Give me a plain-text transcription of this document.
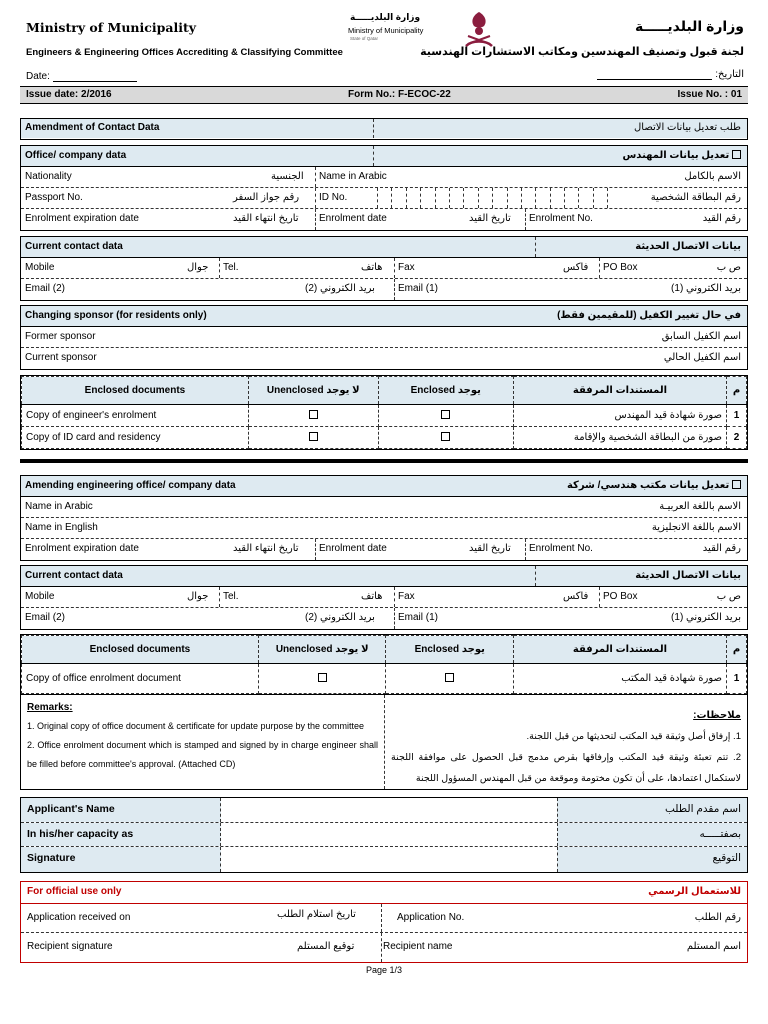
Ministry of Municipality
Engineers & Engineering Offices Accrediting & Classifying Committee
Date:
وزارة البلديـــــة
Ministry of Municipality
State of Qatar
وزارة البلديـــــة
لجنة قبول وتصنيف المهندسين ومكاتب الاستشارات الهندسية
التاريخ:
Issue date: 2/2016	Form No.: F-ECOC-22	Issue No. : 01
Amendment of Contact Data	طلب تعديل بيانات الاتصال
Office/ company data	تعديل بيانات المهندس
Nationality	الجنسية Name in Arabic	الاسم بالكامل
Passport No.	رقم جواز السفر ID No.	رقم البطاقة الشخصية
Enrolment expiration date	تاريخ انتهاء القيد Enrolment date	تاريخ القيد Enrolment No.	رقم القيد
Current contact data	بيانات الاتصال الحديثة
Mobile	جوال Tel.	هاتف Fax	فاكس PO Box	ص ب
Email (2)	بريد الكتروني (2) Email (1)	بريد الكتروني (1)
Changing sponsor (for residents only)	في حال تغيير الكفيل (للمقيمين فقط)
Former sponsor	اسم الكفيل السابق
Current sponsor	اسم الكفيل الحالي
Enclosed documents	Unenclosed لا يوجد	Enclosed يوجد	المستندات المرفقة	م
Copy of engineer's enrolment			صورة شهادة قيد المهندس	1
Copy of ID card and residency			صورة من البطاقة الشخصية والإقامة	2
Amending engineering office/ company data	تعديل بيانات مكتب هندسي/ شركة
Name in Arabic	الاسم باللغة العربيـة
Name in English	الاسم باللغة الانجليزية
Enrolment expiration date	تاريخ انتهاء القيد Enrolment date	تاريخ القيد Enrolment No.	رقم القيد
Current contact data	بيانات الاتصال الحديثة
Mobile	جوال Tel.	هاتف Fax	فاكس PO Box	ص ب
Email (2)	بريد الكتروني (2) Email (1)	بريد الكتروني (1)
Enclosed documents	Unenclosed لا يوجد	Enclosed يوجد	المستندات المرفقة	م
Copy of office enrolment document			صورة شهادة قيد المكتب	1
Remarks:
1. Original copy of office document & certificate for update purpose by the committee
2. Office enrolment document which is stamped and signed by in charge engineer shall be filled before committee's approval. (Attached CD)
ملاحظات:
1. إرفاق أصل وثيقة قيد المكتب لتحديثها من قبل اللجنة.
2. تتم تعبئة وثيقة قيد المكتب وإرفاقها بقرص مدمج قبل الحصول على موافقة اللجنة لاستكمال اعتمادها، على أن تكون مختومة وموقعة من قبل المهندس المسؤول اللجنة
Applicant's Name	اسم مقدم الطلب
In his/her capacity as	بصفتـــــه
Signature	التوقيع
For official use only	للاستعمال الرسمي
Application received on	تاريخ استلام الطلب	Application No.	رقم الطلب
Recipient signature	توقيع المستلم	Recipient name	اسم المستلم
Page 1/3
